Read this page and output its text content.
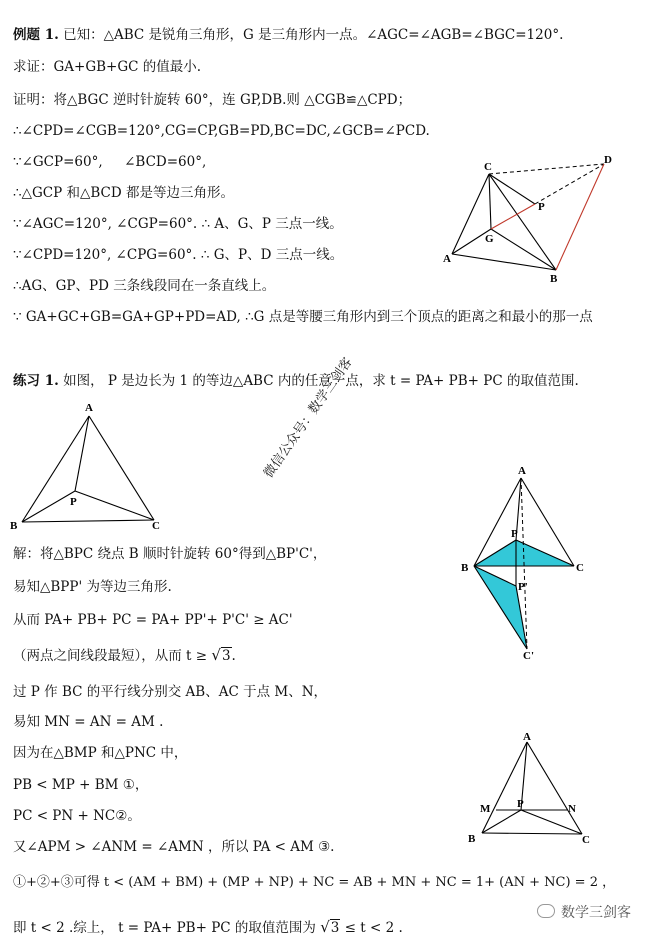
例题 1. 已知：△ABC 是锐角三角形，G 是三角形内一点。∠AGC=∠AGB=∠BGC=120°.
求证：GA+GB+GC 的值最小.
证明：将△BGC 逆时针旋转 60°，连 GP,DB.则 △CGB≌△CPD；
∴∠CPD=∠CGB=120°,CG=CP,GB=PD,BC=DC,∠GCB=∠PCD.
∵∠GCP=60°,     ∠BCD=60°,
∴△GCP 和△BCD 都是等边三角形。
∵∠AGC=120°, ∠CGP=60°. ∴ A、G、P 三点一线。
∵∠CPD=120°, ∠CPG=60°. ∴ G、P、D 三点一线。
∴AG、GP、PD 三条线段同在一条直线上。
∵ GA+GC+GB=GA+GP+PD=AD, ∴G 点是等腰三角形内到三个顶点的距离之和最小的那一点
C
D
P
G
A
B
练习 1. 如图， P 是边长为 1 的等边△ABC 内的任意一点，求 t = PA+ PB+ PC 的取值范围.
A
B	C
P
微信公众号：数学三剑客	A
B	C
P
P'
C'
解：将△BPC 绕点 B 顺时针旋转 60°得到△BP'C'，
易知△BPP' 为等边三角形.
从而 PA+ PB+ PC = PA+ PP'+ P'C' ≥ AC'
（两点之间线段最短），从而 t ≥ √3.
过 P 作 BC 的平行线分别交 AB、AC 于点 M、N，
易知 MN = AN = AM .
因为在△BMP 和△PNC 中，
PB < MP + BM ①，
PC < PN + NC②。
又∠APM > ∠ANM = ∠AMN ，所以 PA < AM ③.
①+②+③可得 t < (AM + BM) + (MP + NP) + NC = AB + MN + NC = 1+ (AN + NC) = 2 ，
即 t < 2 .综上， t = PA+ PB+ PC 的取值范围为 √3 ≤ t < 2 .
A
M	N
P
B	C
数学三剑客
